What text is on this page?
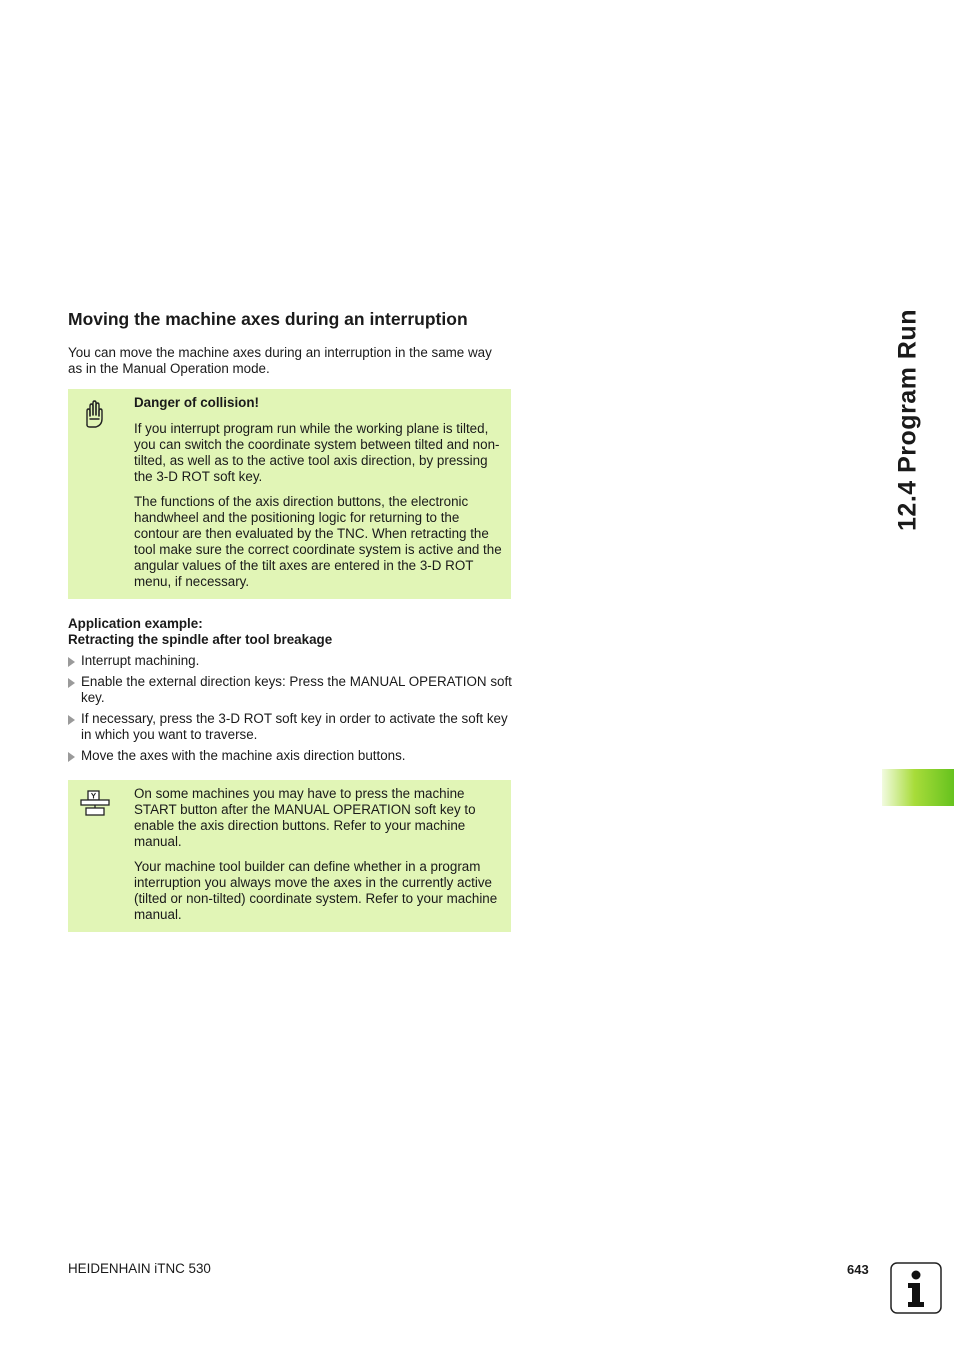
12.4 Program Run
Moving the machine axes during an interruption

You can move the machine axes during an interruption in the same way as in the Manual Operation mode.

Danger of collision!

If you interrupt program run while the working plane is tilted, you can switch the coordinate system between tilted and non-tilted, as well as to the active tool axis direction, by pressing the 3-D ROT soft key.

The functions of the axis direction buttons, the electronic handwheel and the positioning logic for returning to the contour are then evaluated by the TNC. When retracting the tool make sure the correct coordinate system is active and the angular values of the tilt axes are entered in the 3-D ROT menu, if necessary.

Application example:
Retracting the spindle after tool breakage
Interrupt machining.
Enable the external direction keys: Press the MANUAL OPERATION soft key.
If necessary, press the 3-D ROT soft key in order to activate the soft key in which you want to traverse.
Move the axes with the machine axis direction buttons.

On some machines you may have to press the machine START button after the MANUAL OPERATION soft key to enable the axis direction buttons. Refer to your machine manual.

Your machine tool builder can define whether in a program interruption you always move the axes in the currently active (tilted or non-tilted) coordinate system. Refer to your machine manual.

HEIDENHAIN iTNC 530	643
